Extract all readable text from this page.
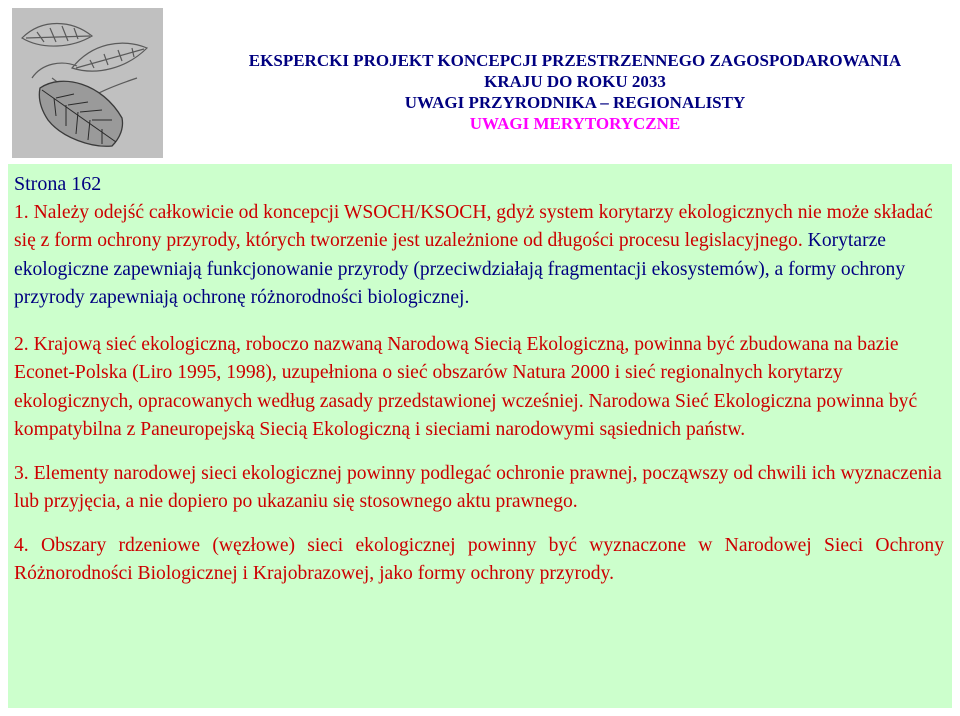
EKSPERCKI PROJEKT KONCEPCJI PRZESTRZENNEGO ZAGOSPODAROWANIA
KRAJU DO ROKU 2033
UWAGI PRZYRODNIKA – REGIONALISTY
UWAGI MERYTORYCZNE
Strona 162

1. Należy odejść całkowicie od koncepcji WSOCH/KSOCH, gdyż system korytarzy ekologicznych nie może składać się z form ochrony przyrody, których tworzenie jest uzależnione od długości procesu legislacyjnego. Korytarze ekologiczne zapewniają funkcjonowanie przyrody (przeciwdziałają fragmentacji ekosystemów), a formy ochrony przyrody zapewniają ochronę różnorodności biologicznej.

2. Krajową sieć ekologiczną, roboczo nazwaną Narodową Siecią Ekologiczną, powinna być zbudowana na bazie Econet-Polska (Liro 1995, 1998), uzupełniona o sieć obszarów Natura 2000 i sieć regionalnych korytarzy ekologicznych, opracowanych według zasady przedstawionej wcześniej. Narodowa Sieć Ekologiczna powinna być kompatybilna z Paneuropejską Siecią Ekologiczną i sieciami narodowymi sąsiednich państw.

3. Elementy narodowej sieci ekologicznej powinny podlegać ochronie prawnej, począwszy od chwili ich wyznaczenia lub przyjęcia, a nie dopiero po ukazaniu się stosownego aktu prawnego.

4. Obszary rdzeniowe (węzłowe) sieci ekologicznej powinny być wyznaczone w Narodowej Sieci Ochrony Różnorodności Biologicznej i Krajobrazowej, jako formy ochrony przyrody.
